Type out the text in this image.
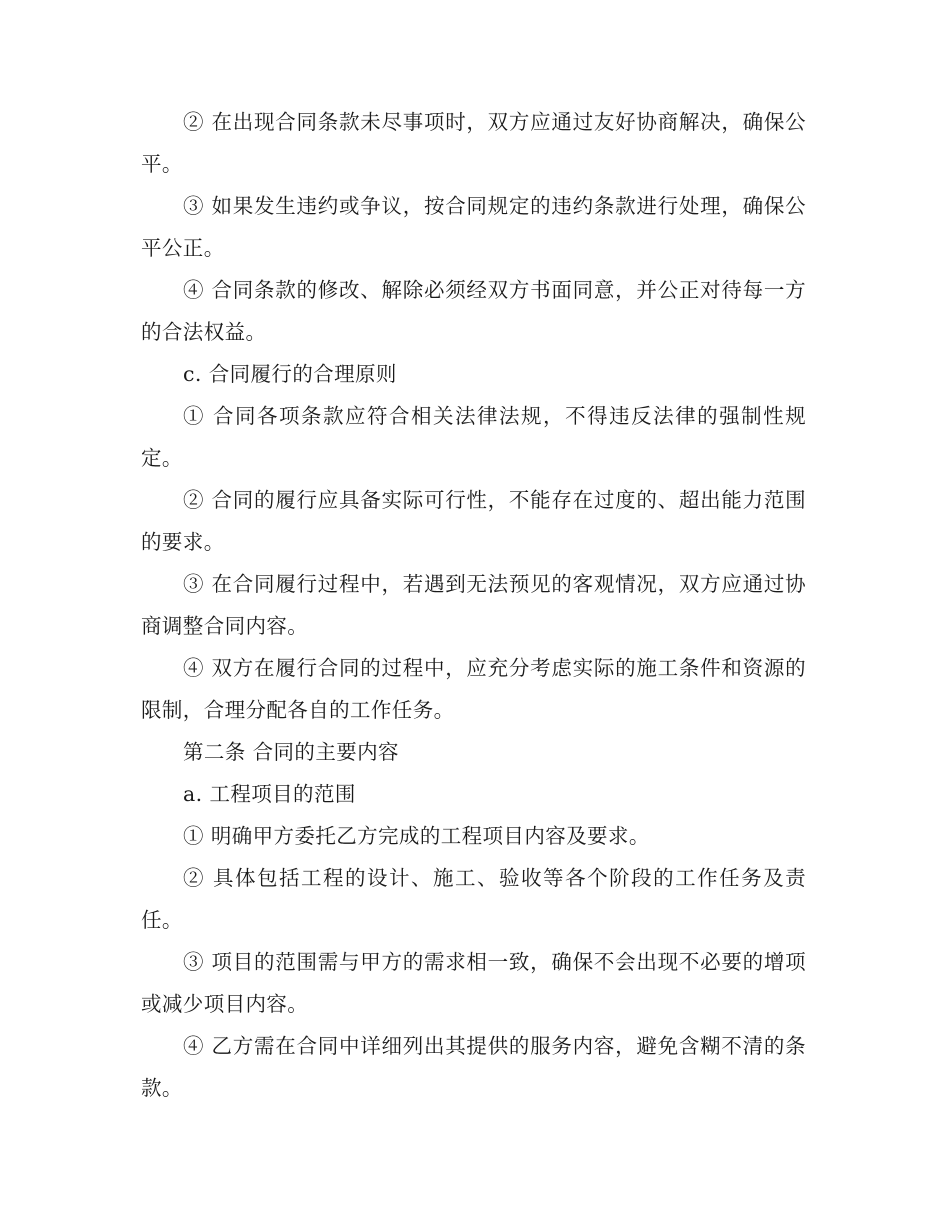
② 在出现合同条款未尽事项时，双方应通过友好协商解决，确保公平。

③ 如果发生违约或争议，按合同规定的违约条款进行处理，确保公平公正。

④ 合同条款的修改、解除必须经双方书面同意，并公正对待每一方的合法权益。

c. 合同履行的合理原则

① 合同各项条款应符合相关法律法规，不得违反法律的强制性规定。

② 合同的履行应具备实际可行性，不能存在过度的、超出能力范围的要求。

③ 在合同履行过程中，若遇到无法预见的客观情况，双方应通过协商调整合同内容。

④ 双方在履行合同的过程中，应充分考虑实际的施工条件和资源的限制，合理分配各自的工作任务。

第二条 合同的主要内容

a. 工程项目的范围

① 明确甲方委托乙方完成的工程项目内容及要求。

② 具体包括工程的设计、施工、验收等各个阶段的工作任务及责任。

③ 项目的范围需与甲方的需求相一致，确保不会出现不必要的增项或减少项目内容。

④ 乙方需在合同中详细列出其提供的服务内容，避免含糊不清的条款。
